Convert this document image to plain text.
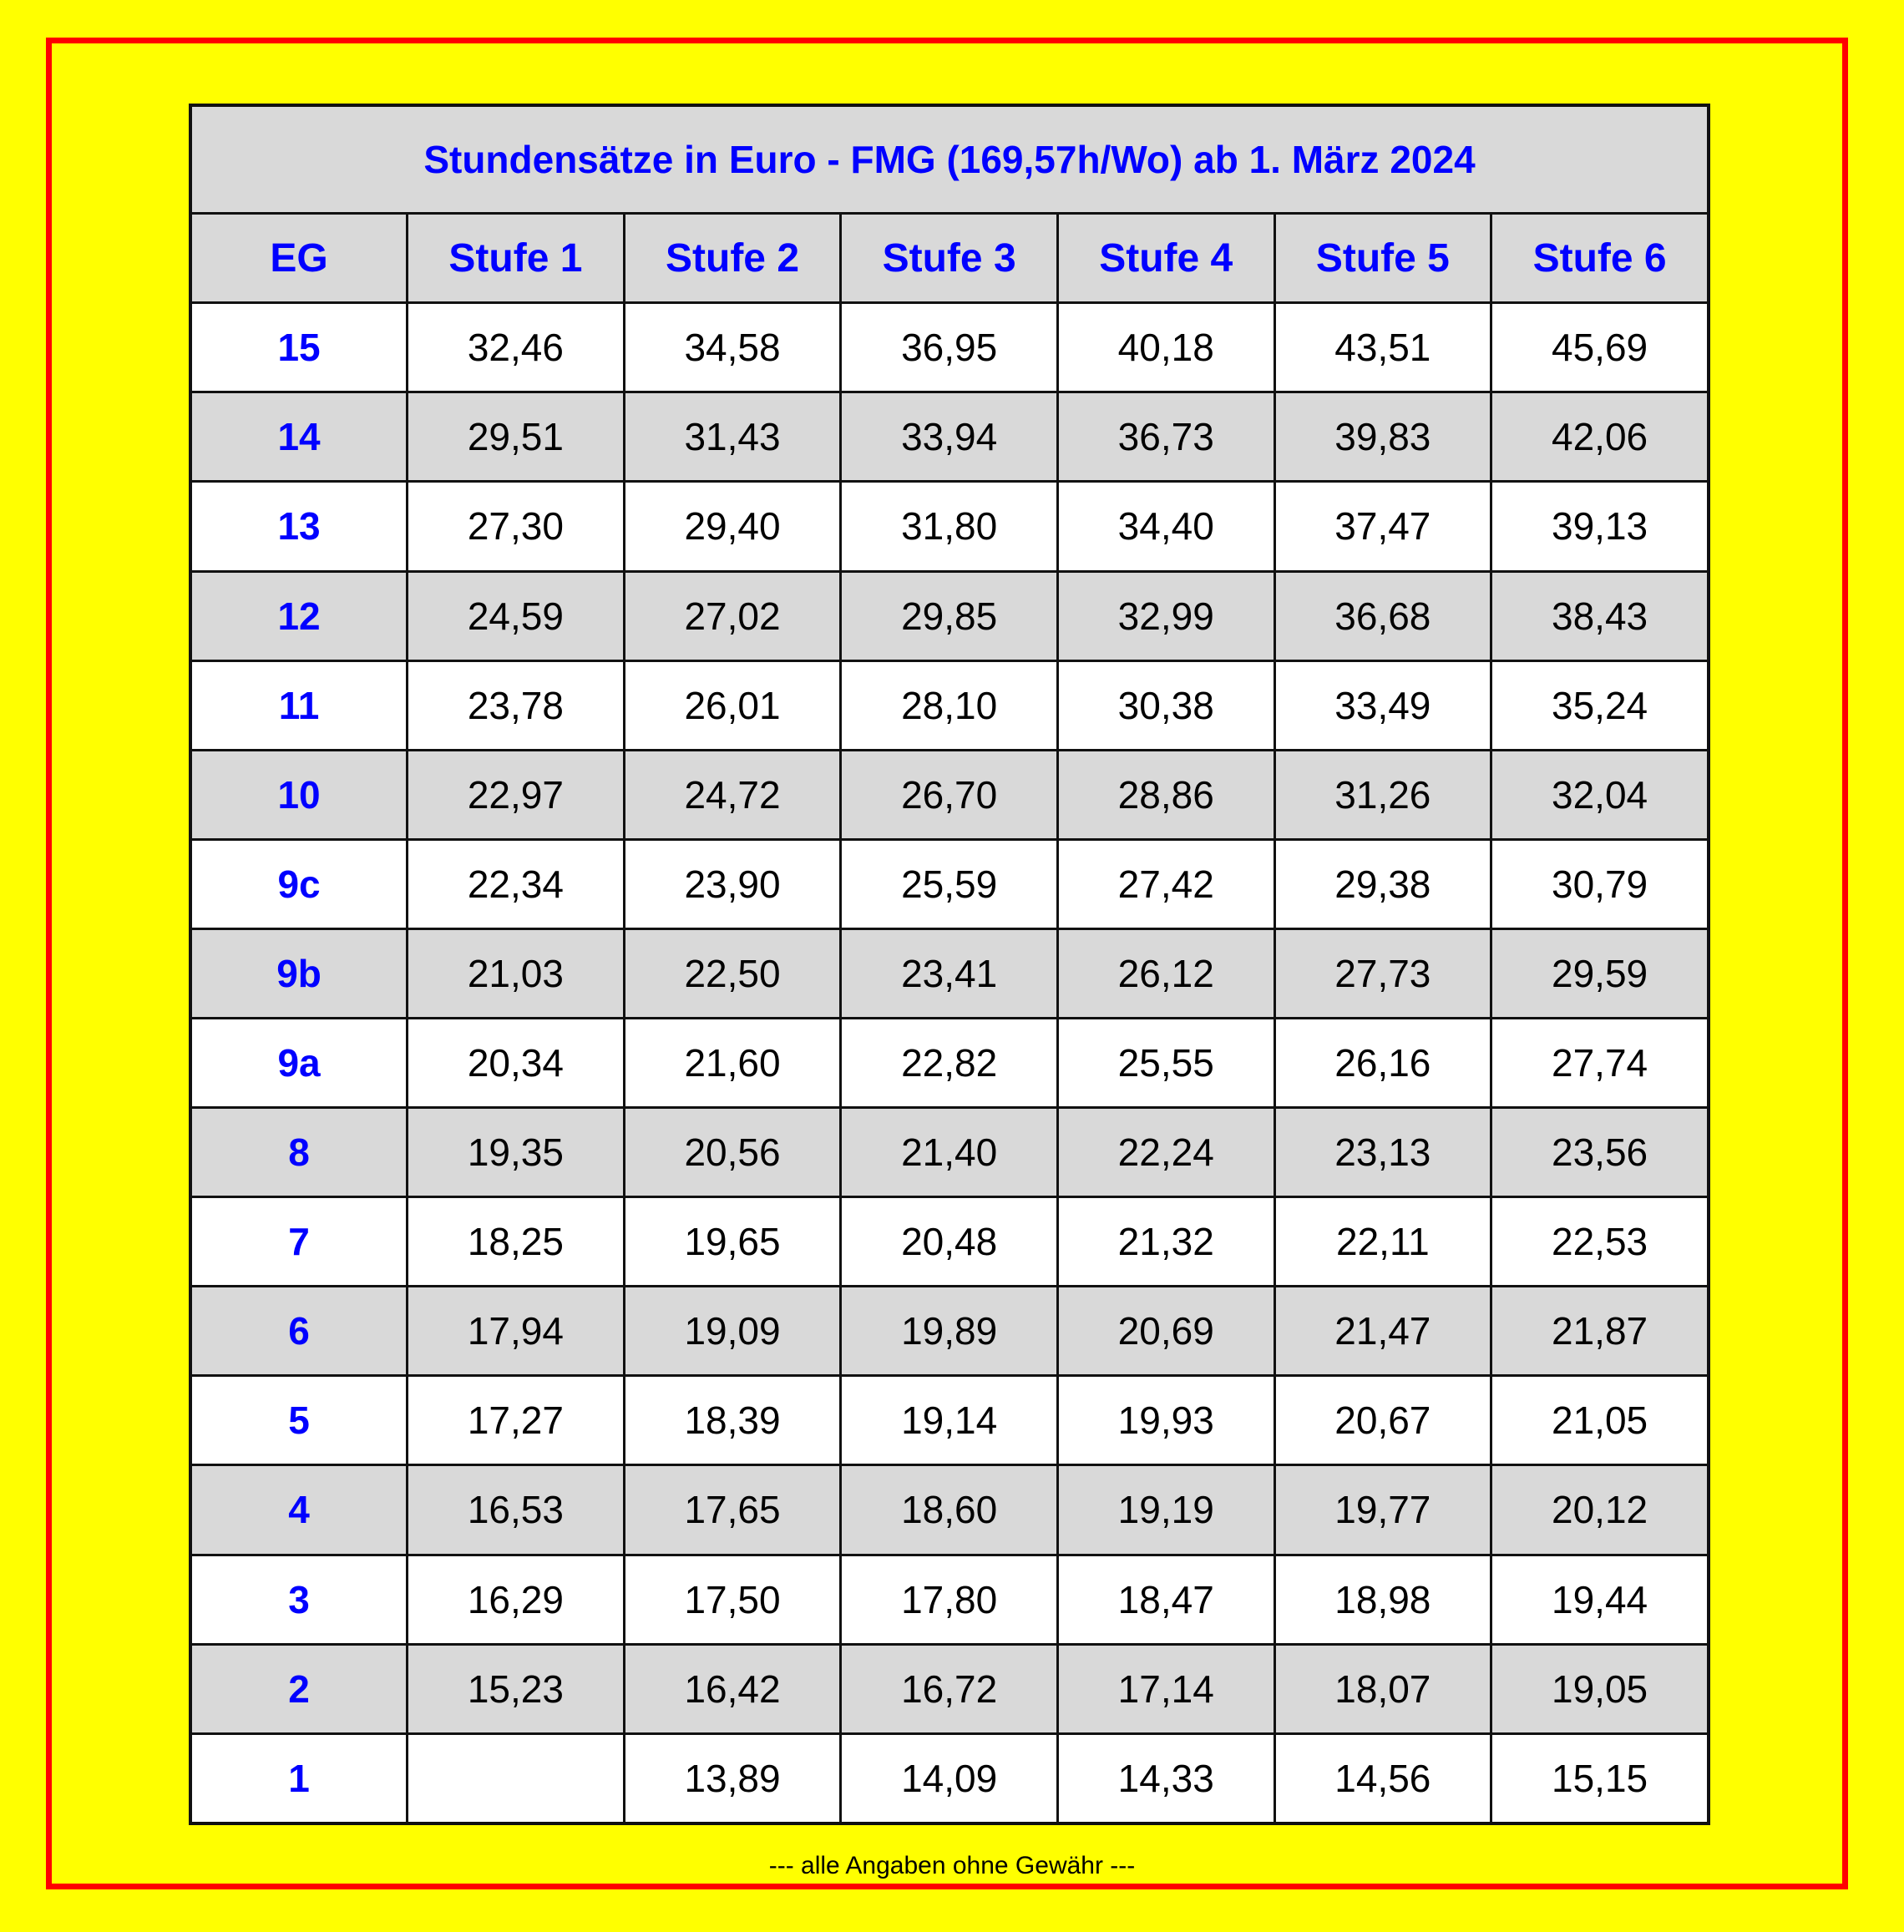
Stundensätze in Euro - FMG (169,57h/Wo) ab 1. März 2024						
EG	Stufe 1	Stufe 2	Stufe 3	Stufe 4	Stufe 5	Stufe 6
15	32,46	34,58	36,95	40,18	43,51	45,69
14	29,51	31,43	33,94	36,73	39,83	42,06
13	27,30	29,40	31,80	34,40	37,47	39,13
12	24,59	27,02	29,85	32,99	36,68	38,43
11	23,78	26,01	28,10	30,38	33,49	35,24
10	22,97	24,72	26,70	28,86	31,26	32,04
9c	22,34	23,90	25,59	27,42	29,38	30,79
9b	21,03	22,50	23,41	26,12	27,73	29,59
9a	20,34	21,60	22,82	25,55	26,16	27,74
8	19,35	20,56	21,40	22,24	23,13	23,56
7	18,25	19,65	20,48	21,32	22,11	22,53
6	17,94	19,09	19,89	20,69	21,47	21,87
5	17,27	18,39	19,14	19,93	20,67	21,05
4	16,53	17,65	18,60	19,19	19,77	20,12
3	16,29	17,50	17,80	18,47	18,98	19,44
2	15,23	16,42	16,72	17,14	18,07	19,05
1		13,89	14,09	14,33	14,56	15,15
--- alle Angaben ohne Gewähr ---
